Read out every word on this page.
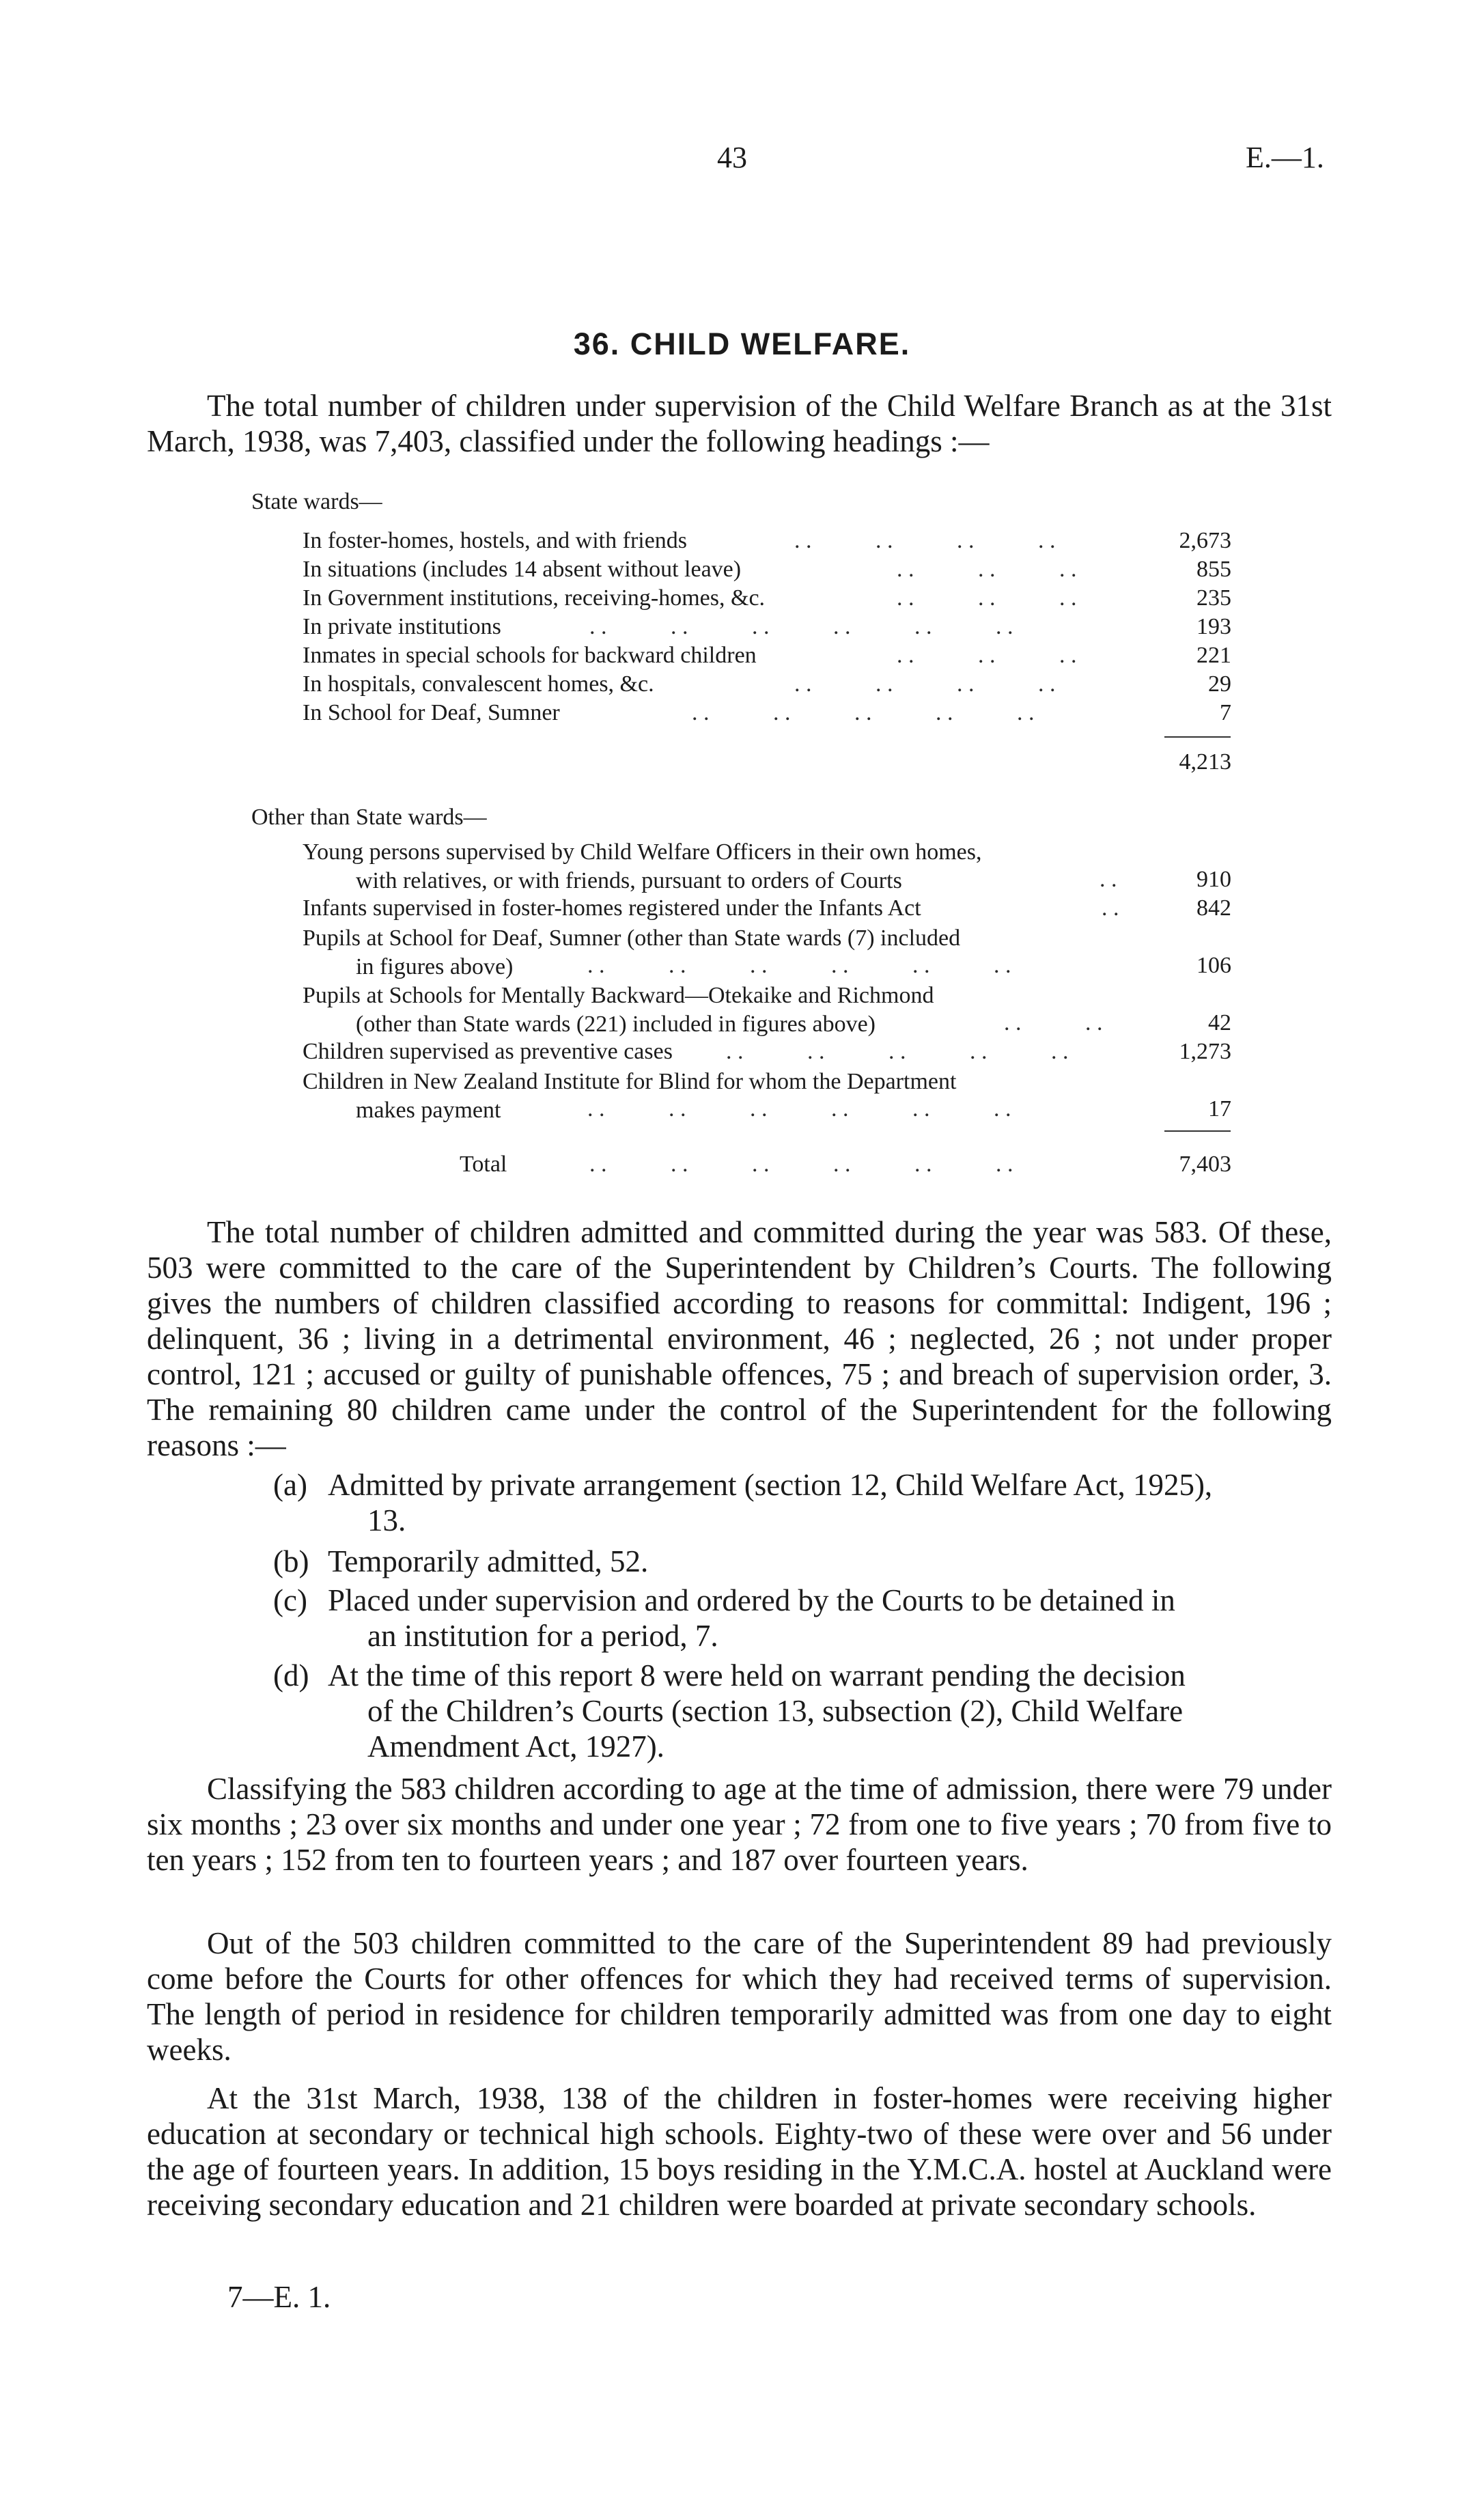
43	E.—1.
36. CHILD WELFARE.

The total number of children under supervision of the Child Welfare Branch as at the 31st March, 1938, was 7,403, classified under the following headings :—

State wards—
In foster-homes, hostels, and with friends	. .           . .           . .           . .	2,673
In situations (includes 14 absent without leave)	. .           . .           . .	855
In Government institutions, receiving-homes, &c.	. .           . .           . .	235
In private institutions	. .           . .           . .           . .           . .           . .	193
Inmates in special schools for backward children	. .           . .           . .	221
In hospitals, convalescent homes, &c.	. .           . .           . .           . .	29
In School for Deaf, Sumner	. .           . .           . .           . .           . .	7
4,213
Other than State wards—

Young persons supervised by Child Welfare Officers in their own homes,
with relatives, or with friends, pursuant to orders of Courts	. .	910
Infants supervised in foster-homes registered under the Infants Act	. .	842

Pupils at School for Deaf, Sumner (other than State wards (7) included
in figures above)	. .           . .           . .           . .           . .           . .	106

Pupils at Schools for Mentally Backward—Otekaike and Richmond
(other than State wards (221) included in figures above)	. .           . .	42
Children supervised as preventive cases . .           . .           . .           . .           . .	1,273

Children in New Zealand Institute for Blind for whom the Department
makes payment	. .           . .           . .           . .           . .           . .	17
Total	. .           . .           . .           . .           . .           . .	7,403

The total number of children admitted and committed during the year was 583. Of these, 503 were committed to the care of the Superintendent by Children’s Courts. The following gives the numbers of children classified according to reasons for committal: Indigent, 196 ; delinquent, 36 ; living in a detrimental environment, 46 ; neglected, 26 ; not under proper control, 121 ; accused or guilty of punishable offences, 75 ; and breach of supervision order, 3. The remaining 80 children came under the control of the Superintendent for the following reasons :—

(a) Admitted by private arrangement (section 12, Child Welfare Act, 1925),
13.
(b) Temporarily admitted, 52.
(c) Placed under supervision and ordered by the Courts to be detained in
an institution for a period, 7.
(d) At the time of this report 8 were held on warrant pending the decision
of the Children’s Courts (section 13, subsection (2), Child Welfare Amendment Act, 1927).

Classifying the 583 children according to age at the time of admission, there were 79 under six months ; 23 over six months and under one year ; 72 from one to five years ; 70 from five to ten years ; 152 from ten to fourteen years ; and 187 over fourteen years.

Out of the 503 children committed to the care of the Superintendent 89 had previously come before the Courts for other offences for which they had received terms of supervision. The length of period in residence for children temporarily admitted was from one day to eight weeks.

At the 31st March, 1938, 138 of the children in foster-homes were receiving higher education at secondary or technical high schools. Eighty-two of these were over and 56 under the age of fourteen years. In addition, 15 boys residing in the Y.M.C.A. hostel at Auckland were receiving secondary education and 21 children were boarded at private secondary schools.

7—E. 1.
